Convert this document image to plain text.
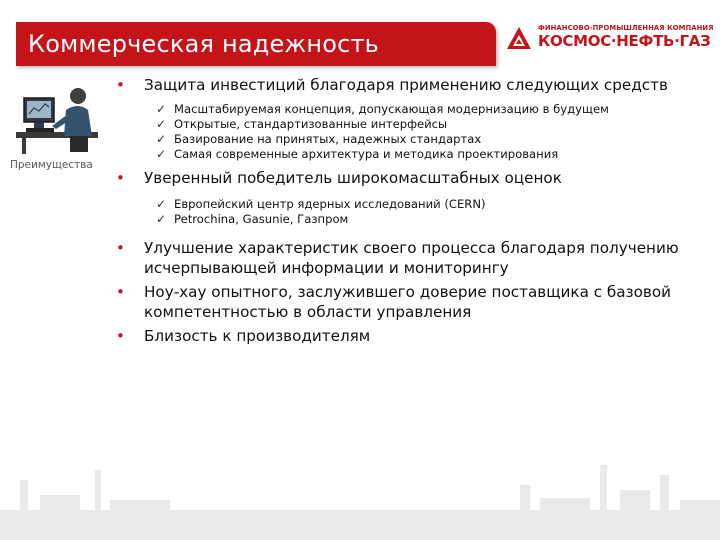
Коммерческая надежность
ФИНАНСОВО-ПРОМЫШЛЕННАЯ КОМПАНИЯ
КОСМОС·НЕФТЬ·ГАЗ
Преимущества
• Защита инвестиций благодаря применению следующих средств
✓ Масштабируемая концепция, допускающая модернизацию в будущем
✓ Открытые, стандартизованные интерфейсы
✓ Базирование на принятых, надежных стандартах
✓ Самая современные архитектура и методика проектирования
• Уверенный победитель широкомасштабных оценок
✓ Европейский центр ядерных исследований (CERN)
✓ Petrochina, Gasunie, Газпром
• Улучшение характеристик своего процесса благодаря получению исчерпывающей информации и мониторингу
• Ноу-хау опытного, заслужившего доверие поставщика с базовой компетентностью в области управления
• Близость к производителям
